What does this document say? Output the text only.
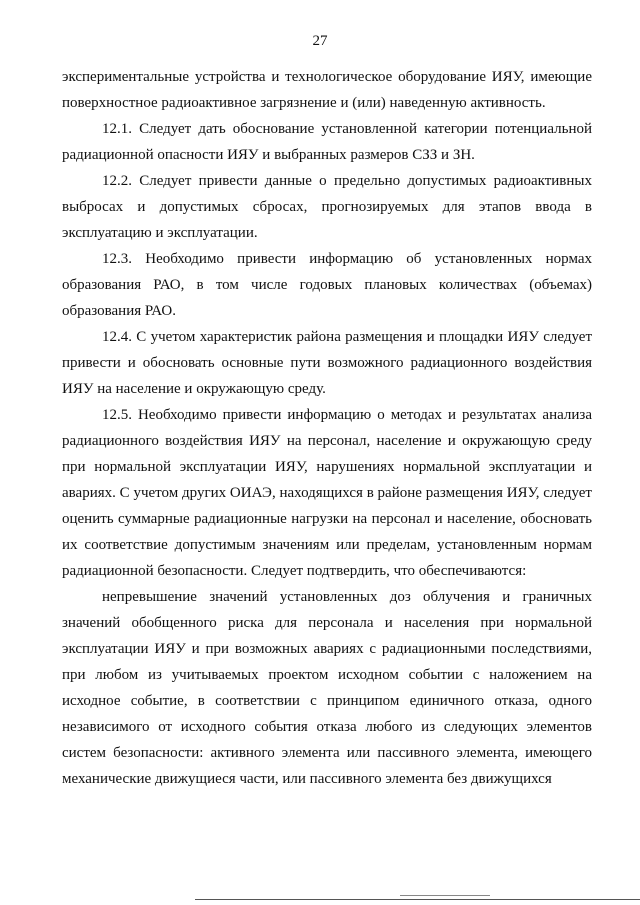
27

экспериментальные устройства и технологическое оборудование ИЯУ, имеющие поверхностное радиоактивное загрязнение и (или) наведенную активность.

12.1. Следует дать обоснование установленной категории потенциальной радиационной опасности ИЯУ и выбранных размеров СЗЗ и ЗН.

12.2. Следует привести данные о предельно допустимых радиоактивных выбросах и допустимых сбросах, прогнозируемых для этапов ввода в эксплуатацию и эксплуатации.

12.3. Необходимо привести информацию об установленных нормах образования РАО, в том числе годовых плановых количествах (объемах) образования РАО.

12.4. С учетом характеристик района размещения и площадки ИЯУ следует привести и обосновать основные пути возможного радиационного воздействия ИЯУ на население и окружающую среду.

12.5. Необходимо привести информацию о методах и результатах анализа радиационного воздействия ИЯУ на персонал, население и окружающую среду при нормальной эксплуатации ИЯУ, нарушениях нормальной эксплуатации и авариях. С учетом других ОИАЭ, находящихся в районе размещения ИЯУ, следует оценить суммарные радиационные нагрузки на персонал и население, обосновать их соответствие допустимым значениям или пределам, установленным нормам радиационной безопасности. Следует подтвердить, что обеспечиваются:

непревышение значений установленных доз облучения и граничных значений обобщенного риска для персонала и населения при нормальной эксплуатации ИЯУ и при возможных авариях с радиационными последствиями, при любом из учитываемых проектом исходном событии с наложением на исходное событие, в соответствии с принципом единичного отказа, одного независимого от исходного события отказа любого из следующих элементов систем безопасности: активного элемента или пассивного элемента, имеющего механические движущиеся части, или пассивного элемента без движущихся
